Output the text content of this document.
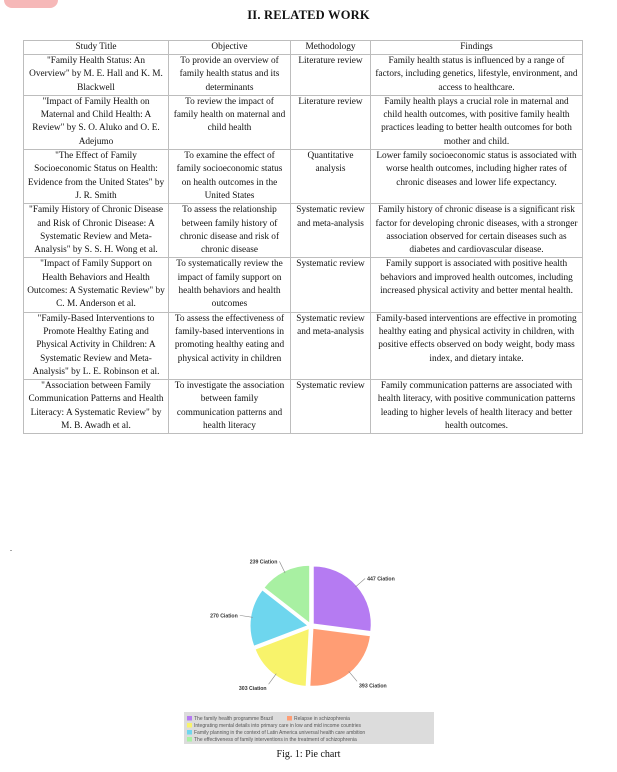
II. RELATED WORK
Study Title	Objective	Methodology	Findings
"Family Health Status: An Overview" by M. E. Hall and K. M. Blackwell	To provide an overview of family health status and its determinants	Literature review	Family health status is influenced by a range of factors, including genetics, lifestyle, environment, and access to healthcare.
"Impact of Family Health on Maternal and Child Health: A Review" by S. O. Aluko and O. E. Adejumo	To review the impact of family health on maternal and child health	Literature review	Family health plays a crucial role in maternal and child health outcomes, with positive family health practices leading to better health outcomes for both mother and child.
"The Effect of Family Socioeconomic Status on Health: Evidence from the United States" by J. R. Smith	To examine the effect of family socioeconomic status on health outcomes in the United States	Quantitative analysis	Lower family socioeconomic status is associated with worse health outcomes, including higher rates of chronic diseases and lower life expectancy.
"Family History of Chronic Disease and Risk of Chronic Disease: A Systematic Review and Meta-Analysis" by S. S. H. Wong et al.	To assess the relationship between family history of chronic disease and risk of chronic disease	Systematic review and meta-analysis	Family history of chronic disease is a significant risk factor for developing chronic diseases, with a stronger association observed for certain diseases such as diabetes and cardiovascular disease.
"Impact of Family Support on Health Behaviors and Health Outcomes: A Systematic Review" by C. M. Anderson et al.	To systematically review the impact of family support on health behaviors and health outcomes	Systematic review	Family support is associated with positive health behaviors and improved health outcomes, including increased physical activity and better mental health.
"Family-Based Interventions to Promote Healthy Eating and Physical Activity in Children: A Systematic Review and Meta-Analysis" by L. E. Robinson et al.	To assess the effectiveness of family-based interventions in promoting healthy eating and physical activity in children	Systematic review and meta-analysis	Family-based interventions are effective in promoting healthy eating and physical activity in children, with positive effects observed on body weight, body mass index, and dietary intake.
"Association between Family Communication Patterns and Health Literacy: A Systematic Review" by M. B. Awadh et al.	To investigate the association between family communication patterns and health literacy	Systematic review	Family communication patterns are associated with health literacy, with positive communication patterns leading to higher levels of health literacy and better health outcomes.
.
447 Ciation
393 Ciation
303 Ciation
270 Ciation
239 Ciation
The family health programme Brazil	Relapse in schizophrenia
Integrating mental details into primary care in low and mid income countries
Family planning in the context of Latin America universal health care ambition
The effectiveness of family interventions in the treatment of schizophrenia
Fig. 1: Pie chart
